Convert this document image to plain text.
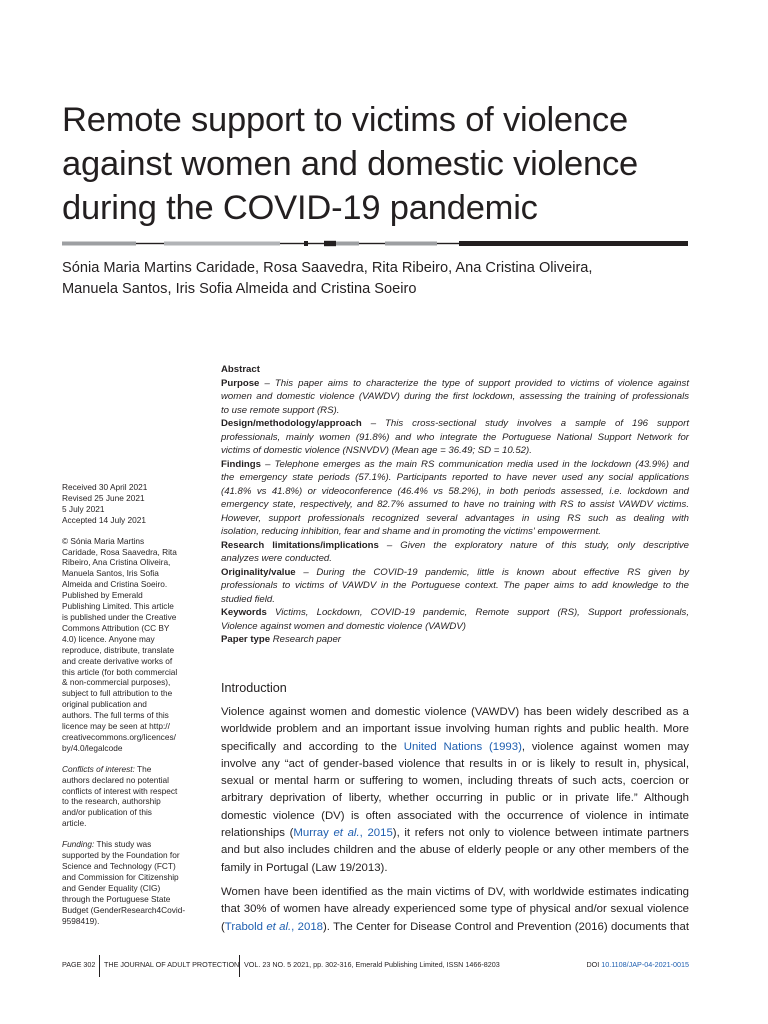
Remote support to victims of violence
against women and domestic violence
during the COVID-19 pandemic
Sónia Maria Martins Caridade, Rosa Saavedra, Rita Ribeiro, Ana Cristina Oliveira,
Manuela Santos, Iris Sofia Almeida and Cristina Soeiro
Received 30 April 2021
Revised 25 June 2021
5 July 2021
Accepted 14 July 2021
© Sónia Maria Martins
Caridade, Rosa Saavedra, Rita
Ribeiro, Ana Cristina Oliveira,
Manuela Santos, Iris Sofia
Almeida and Cristina Soeiro.
Published by Emerald
Publishing Limited. This article
is published under the Creative
Commons Attribution (CC BY
4.0) licence. Anyone may
reproduce, distribute, translate
and create derivative works of
this article (for both commercial
& non-commercial purposes),
subject to full attribution to the
original publication and
authors. The full terms of this
licence may be seen at http://
creativecommons.org/licences/
by/4.0/legalcode
Conflicts of interest: The
authors declared no potential
conflicts of interest with respect
to the research, authorship
and/or publication of this
article.
Funding: This study was
supported by the Foundation for
Science and Technology (FCT)
and Commission for Citizenship
and Gender Equality (CIG)
through the Portuguese State
Budget (GenderResearch4Covid-
9598419).
Abstract
Purpose – This paper aims to characterize the type of support provided to victims of violence against
women and domestic violence (VAWDV) during the first lockdown, assessing the training of professionals
to use remote support (RS).
Design/methodology/approach – This cross-sectional study involves a sample of 196 support
professionals, mainly women (91.8%) and who integrate the Portuguese National Support Network for
victims of domestic violence (NSNVDV) (Mean age = 36.49; SD = 10.52).
Findings – Telephone emerges as the main RS communication media used in the lockdown (43.9%) and
the emergency state periods (57.1%). Participants reported to have never used any social applications
(41.8% vs 41.8%) or videoconference (46.4% vs 58.2%), in both periods assessed, i.e. lockdown and
emergency state, respectively, and 82.7% assumed to have no training with RS to assist VAWDV victims.
However, support professionals recognized several advantages in using RS such as dealing with
isolation, reducing inhibition, fear and shame and in promoting the victims' empowerment.
Research limitations/implications – Given the exploratory nature of this study, only descriptive
analyzes were conducted.
Originality/value – During the COVID-19 pandemic, little is known about effective RS given by
professionals to victims of VAWDV in the Portuguese context. The paper aims to add knowledge to the
studied field.
Keywords Victims, Lockdown, COVID-19 pandemic, Remote support (RS), Support professionals,
Violence against women and domestic violence (VAWDV)
Paper type Research paper
Introduction
Violence against women and domestic violence (VAWDV) has been widely described as a
worldwide problem and an important issue involving human rights and public health. More
specifically and according to the United Nations (1993), violence against women may
involve any “act of gender-based violence that results in or is likely to result in, physical,
sexual or mental harm or suffering to women, including threats of such acts, coercion or
arbitrary deprivation of liberty, whether occurring in public or in private life.” Although
domestic violence (DV) is often associated with the occurrence of violence in intimate
relationships (Murray et al., 2015), it refers not only to violence between intimate partners
and but also includes children and the abuse of elderly people or any other members of the
family in Portugal (Law 19/2013).
Women have been identified as the main victims of DV, with worldwide estimates indicating
that 30% of women have already experienced some type of physical and/or sexual violence
(Trabold et al., 2018). The Center for Disease Control and Prevention (2016) documents that
PAGE 302 THE JOURNAL OF ADULT PROTECTION VOL. 23 NO. 5 2021, pp. 302-316, Emerald Publishing Limited, ISSN 1466-8203	DOI 10.1108/JAP-04-2021-0015
